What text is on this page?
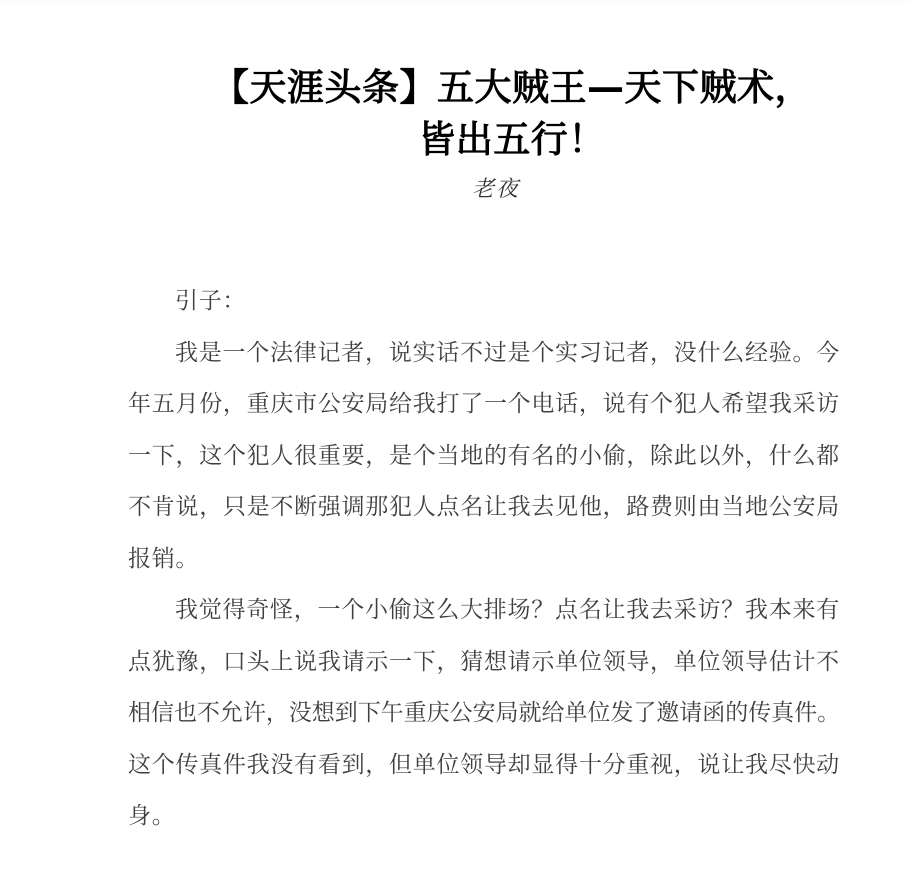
【天涯头条】五大贼王—天下贼术，
皆出五行！
老夜
引子：
我是一个法律记者，说实话不过是个实习记者，没什么经验。今
年五月份，重庆市公安局给我打了一个电话，说有个犯人希望我采访
一下，这个犯人很重要，是个当地的有名的小偷，除此以外，什么都
不肯说，只是不断强调那犯人点名让我去见他，路费则由当地公安局
报销。
我觉得奇怪，一个小偷这么大排场？点名让我去采访？我本来有
点犹豫，口头上说我请示一下，猜想请示单位领导，单位领导估计不
相信也不允许，没想到下午重庆公安局就给单位发了邀请函的传真件。
这个传真件我没有看到，但单位领导却显得十分重视，说让我尽快动
身。
